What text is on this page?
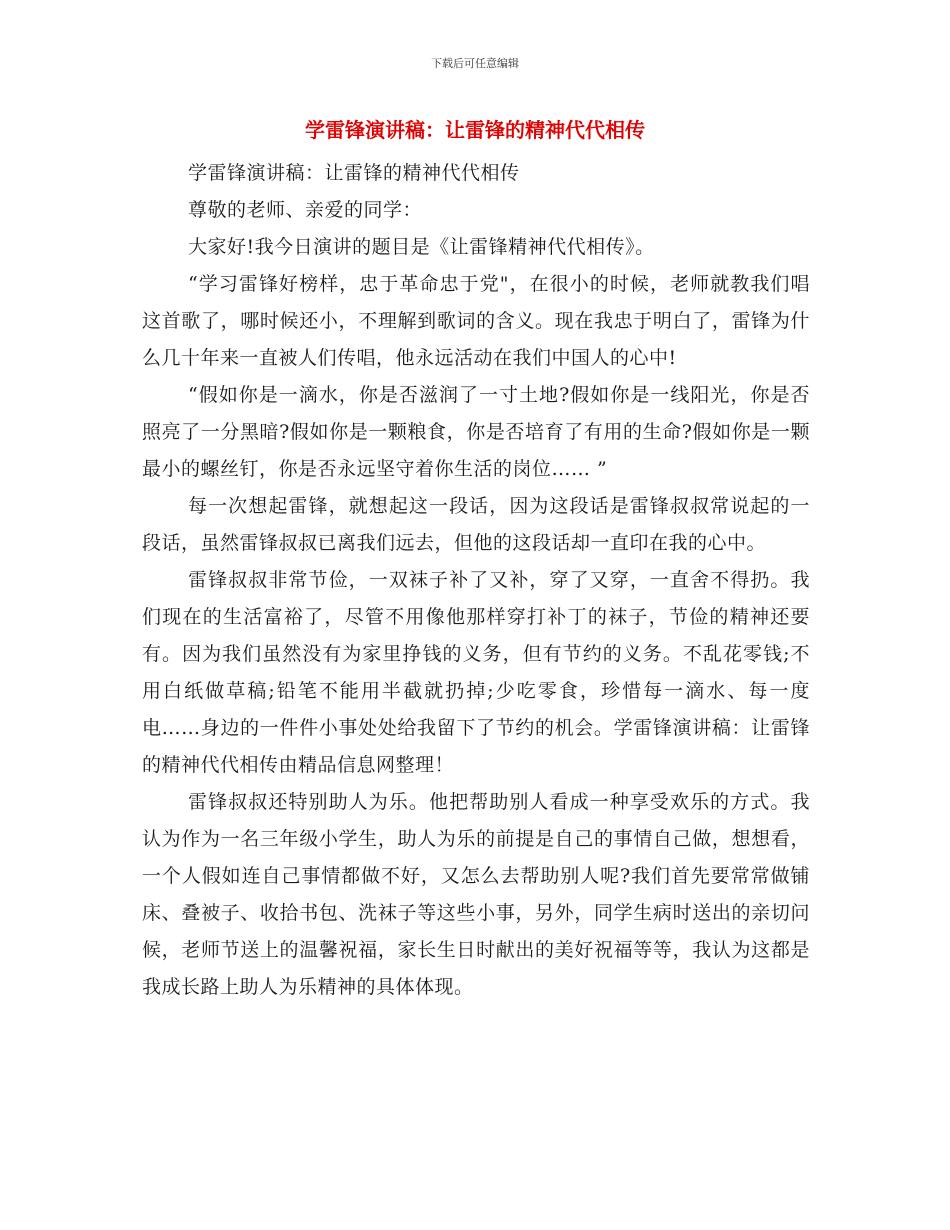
下载后可任意编辑
学雷锋演讲稿：让雷锋的精神代代相传

学雷锋演讲稿：让雷锋的精神代代相传

尊敬的老师、亲爱的同学：

大家好!我今日演讲的题目是《让雷锋精神代代相传》。

“学习雷锋好榜样，忠于革命忠于党"，在很小的时候，老师就教我们唱这首歌了，哪时候还小，不理解到歌词的含义。现在我忠于明白了，雷锋为什么几十年来一直被人们传唱，他永远活动在我们中国人的心中!

“假如你是一滴水，你是否滋润了一寸土地?假如你是一线阳光，你是否照亮了一分黑暗?假如你是一颗粮食，你是否培育了有用的生命?假如你是一颗最小的螺丝钉，你是否永远坚守着你生活的岗位…… ”

每一次想起雷锋，就想起这一段话，因为这段话是雷锋叔叔常说起的一段话，虽然雷锋叔叔已离我们远去，但他的这段话却一直印在我的心中。

雷锋叔叔非常节俭，一双袜子补了又补，穿了又穿，一直舍不得扔。我们现在的生活富裕了，尽管不用像他那样穿打补丁的袜子，节俭的精神还要有。因为我们虽然没有为家里挣钱的义务，但有节约的义务。不乱花零钱;不用白纸做草稿;铅笔不能用半截就扔掉;少吃零食，珍惜每一滴水、每一度电……身边的一件件小事处处给我留下了节约的机会。学雷锋演讲稿：让雷锋的精神代代相传由精品信息网整理！

雷锋叔叔还特别助人为乐。他把帮助别人看成一种享受欢乐的方式。我认为作为一名三年级小学生，助人为乐的前提是自己的事情自己做，想想看，一个人假如连自己事情都做不好，又怎么去帮助别人呢?我们首先要常常做铺床、叠被子、收拾书包、洗袜子等这些小事，另外，同学生病时送出的亲切问候，老师节送上的温馨祝福，家长生日时献出的美好祝福等等，我认为这都是我成长路上助人为乐精神的具体体现。
